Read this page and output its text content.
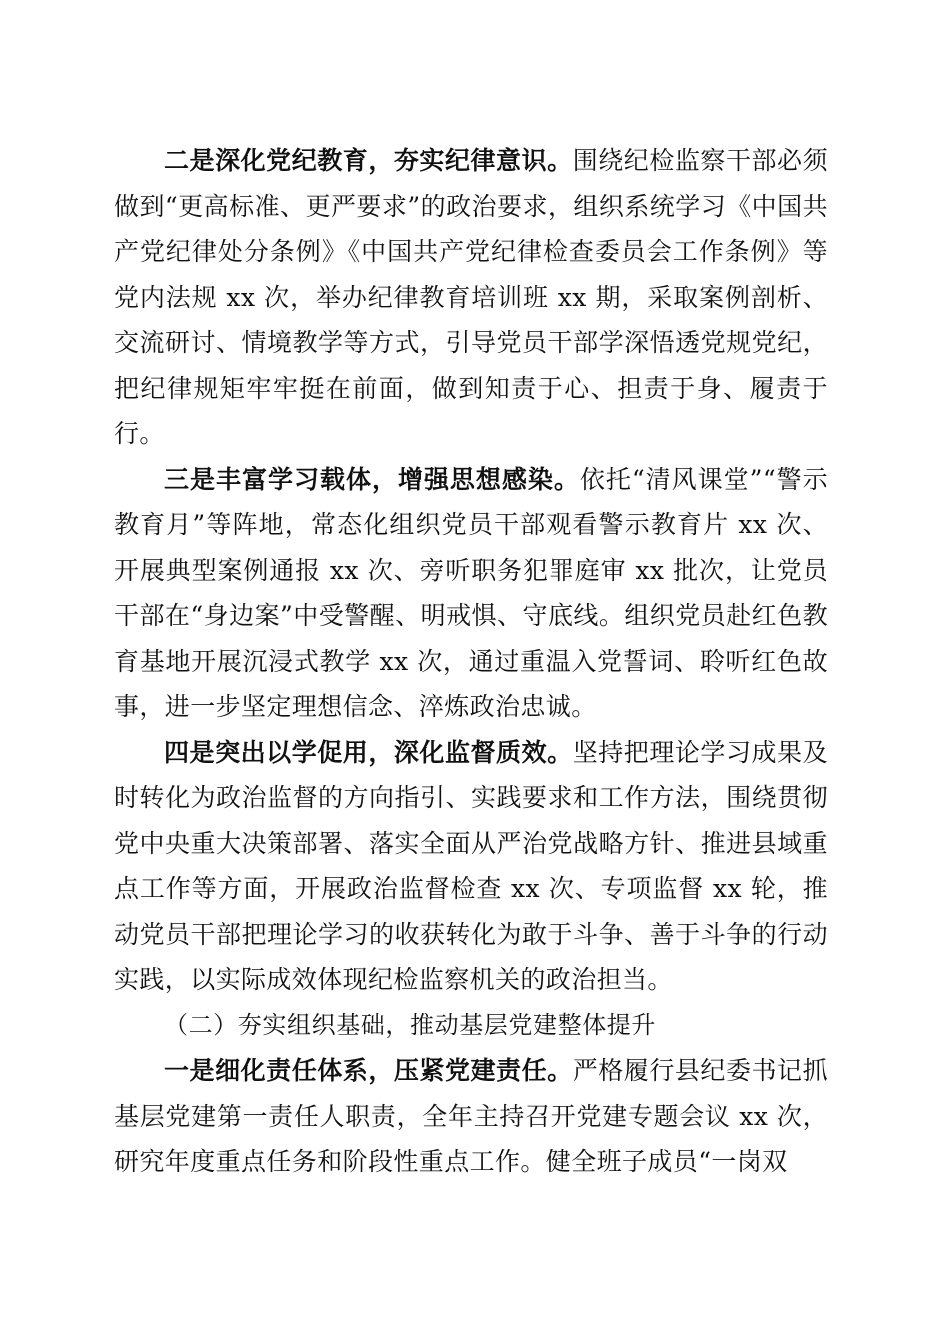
二是深化党纪教育，夯实纪律意识。围绕纪检监察干部必须做到“更高标准、更严要求”的政治要求，组织系统学习《中国共产党纪律处分条例》《中国共产党纪律检查委员会工作条例》等党内法规 xx 次，举办纪律教育培训班 xx 期，采取案例剖析、交流研讨、情境教学等方式，引导党员干部学深悟透党规党纪，把纪律规矩牢牢挺在前面，做到知责于心、担责于身、履责于行。

三是丰富学习载体，增强思想感染。依托“清风课堂”“警示教育月”等阵地，常态化组织党员干部观看警示教育片 xx 次、开展典型案例通报 xx 次、旁听职务犯罪庭审 xx 批次，让党员干部在“身边案”中受警醒、明戒惧、守底线。组织党员赴红色教育基地开展沉浸式教学 xx 次，通过重温入党誓词、聆听红色故事，进一步坚定理想信念、淬炼政治忠诚。

四是突出以学促用，深化监督质效。坚持把理论学习成果及时转化为政治监督的方向指引、实践要求和工作方法，围绕贯彻党中央重大决策部署、落实全面从严治党战略方针、推进县域重点工作等方面，开展政治监督检查 xx 次、专项监督 xx 轮，推动党员干部把理论学习的收获转化为敢于斗争、善于斗争的行动实践，以实际成效体现纪检监察机关的政治担当。

（二）夯实组织基础，推动基层党建整体提升

一是细化责任体系，压紧党建责任。严格履行县纪委书记抓基层党建第一责任人职责，全年主持召开党建专题会议 xx 次，研究年度重点任务和阶段性重点工作。健全班子成员“一岗双
